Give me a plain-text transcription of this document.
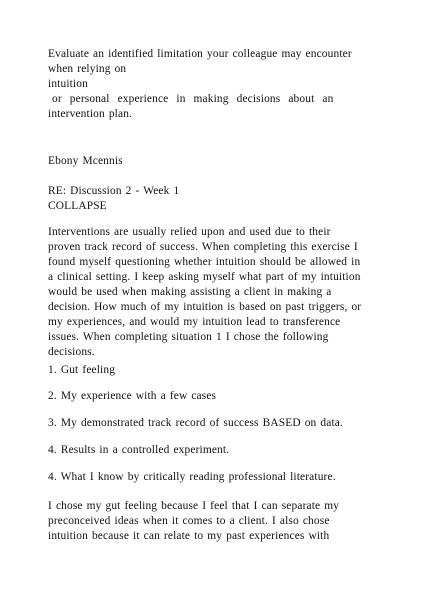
Evaluate an identified limitation your colleague may encounter
when relying on
intuition
or  personal  experience  in  making  decisions  about  an
intervention plan.
Ebony Mcennis
RE: Discussion 2 - Week 1
COLLAPSE
Interventions are usually relied upon and used due to their
proven track record of success. When completing this exercise I
found myself questioning whether intuition should be allowed in
a clinical setting. I keep asking myself what part of my intuition
would be used when making assisting a client in making a
decision. How much of my intuition is based on past triggers, or
my experiences, and would my intuition lead to transference
issues. When completing situation 1 I chose the following
decisions.
1. Gut feeling
2. My experience with a few cases
3. My demonstrated track record of success BASED on data.
4. Results in a controlled experiment.
4. What I know by critically reading professional literature.
I chose my gut feeling because I feel that I can separate my
preconceived ideas when it comes to a client. I also chose
intuition because it can relate to my past experiences with
